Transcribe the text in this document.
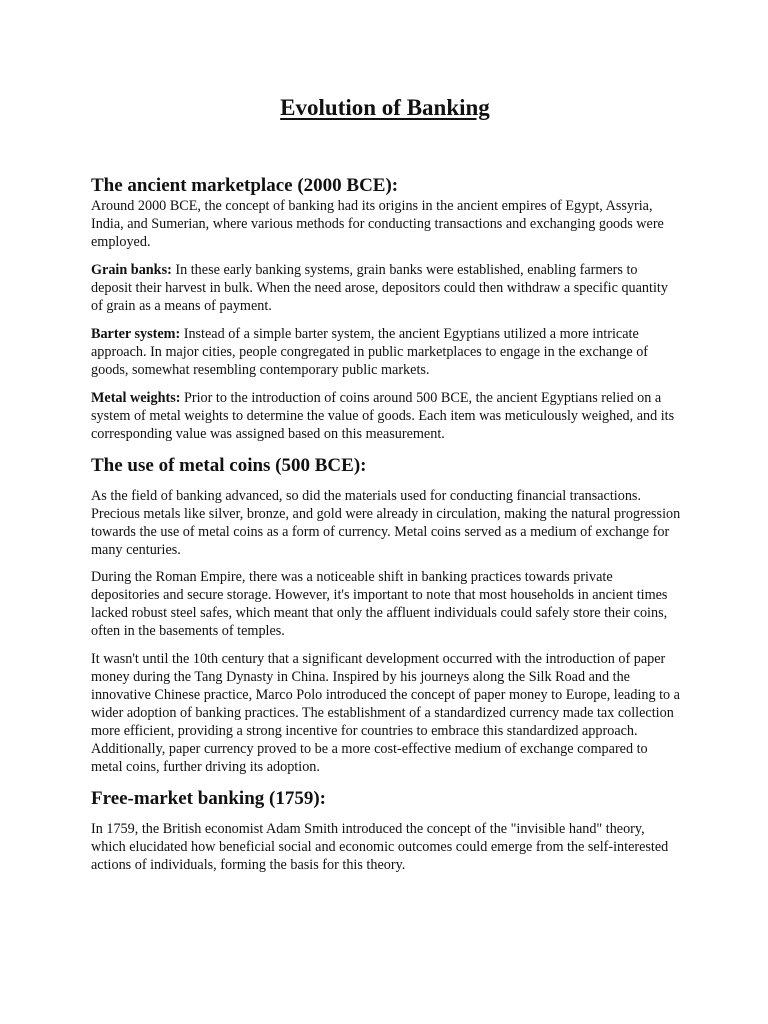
Evolution of Banking
The ancient marketplace (2000 BCE):

Around 2000 BCE, the concept of banking had its origins in the ancient empires of Egypt, Assyria, India, and Sumerian, where various methods for conducting transactions and exchanging goods were employed.

Grain banks: In these early banking systems, grain banks were established, enabling farmers to deposit their harvest in bulk. When the need arose, depositors could then withdraw a specific quantity of grain as a means of payment.

Barter system: Instead of a simple barter system, the ancient Egyptians utilized a more intricate approach. In major cities, people congregated in public marketplaces to engage in the exchange of goods, somewhat resembling contemporary public markets.

Metal weights: Prior to the introduction of coins around 500 BCE, the ancient Egyptians relied on a system of metal weights to determine the value of goods. Each item was meticulously weighed, and its corresponding value was assigned based on this measurement.

The use of metal coins (500 BCE):

As the field of banking advanced, so did the materials used for conducting financial transactions. Precious metals like silver, bronze, and gold were already in circulation, making the natural progression towards the use of metal coins as a form of currency. Metal coins served as a medium of exchange for many centuries.

During the Roman Empire, there was a noticeable shift in banking practices towards private depositories and secure storage. However, it's important to note that most households in ancient times lacked robust steel safes, which meant that only the affluent individuals could safely store their coins, often in the basements of temples.

It wasn't until the 10th century that a significant development occurred with the introduction of paper money during the Tang Dynasty in China. Inspired by his journeys along the Silk Road and the innovative Chinese practice, Marco Polo introduced the concept of paper money to Europe, leading to a wider adoption of banking practices. The establishment of a standardized currency made tax collection more efficient, providing a strong incentive for countries to embrace this standardized approach. Additionally, paper currency proved to be a more cost-effective medium of exchange compared to metal coins, further driving its adoption.

Free-market banking (1759):

In 1759, the British economist Adam Smith introduced the concept of the "invisible hand" theory, which elucidated how beneficial social and economic outcomes could emerge from the self-interested actions of individuals, forming the basis for this theory.
